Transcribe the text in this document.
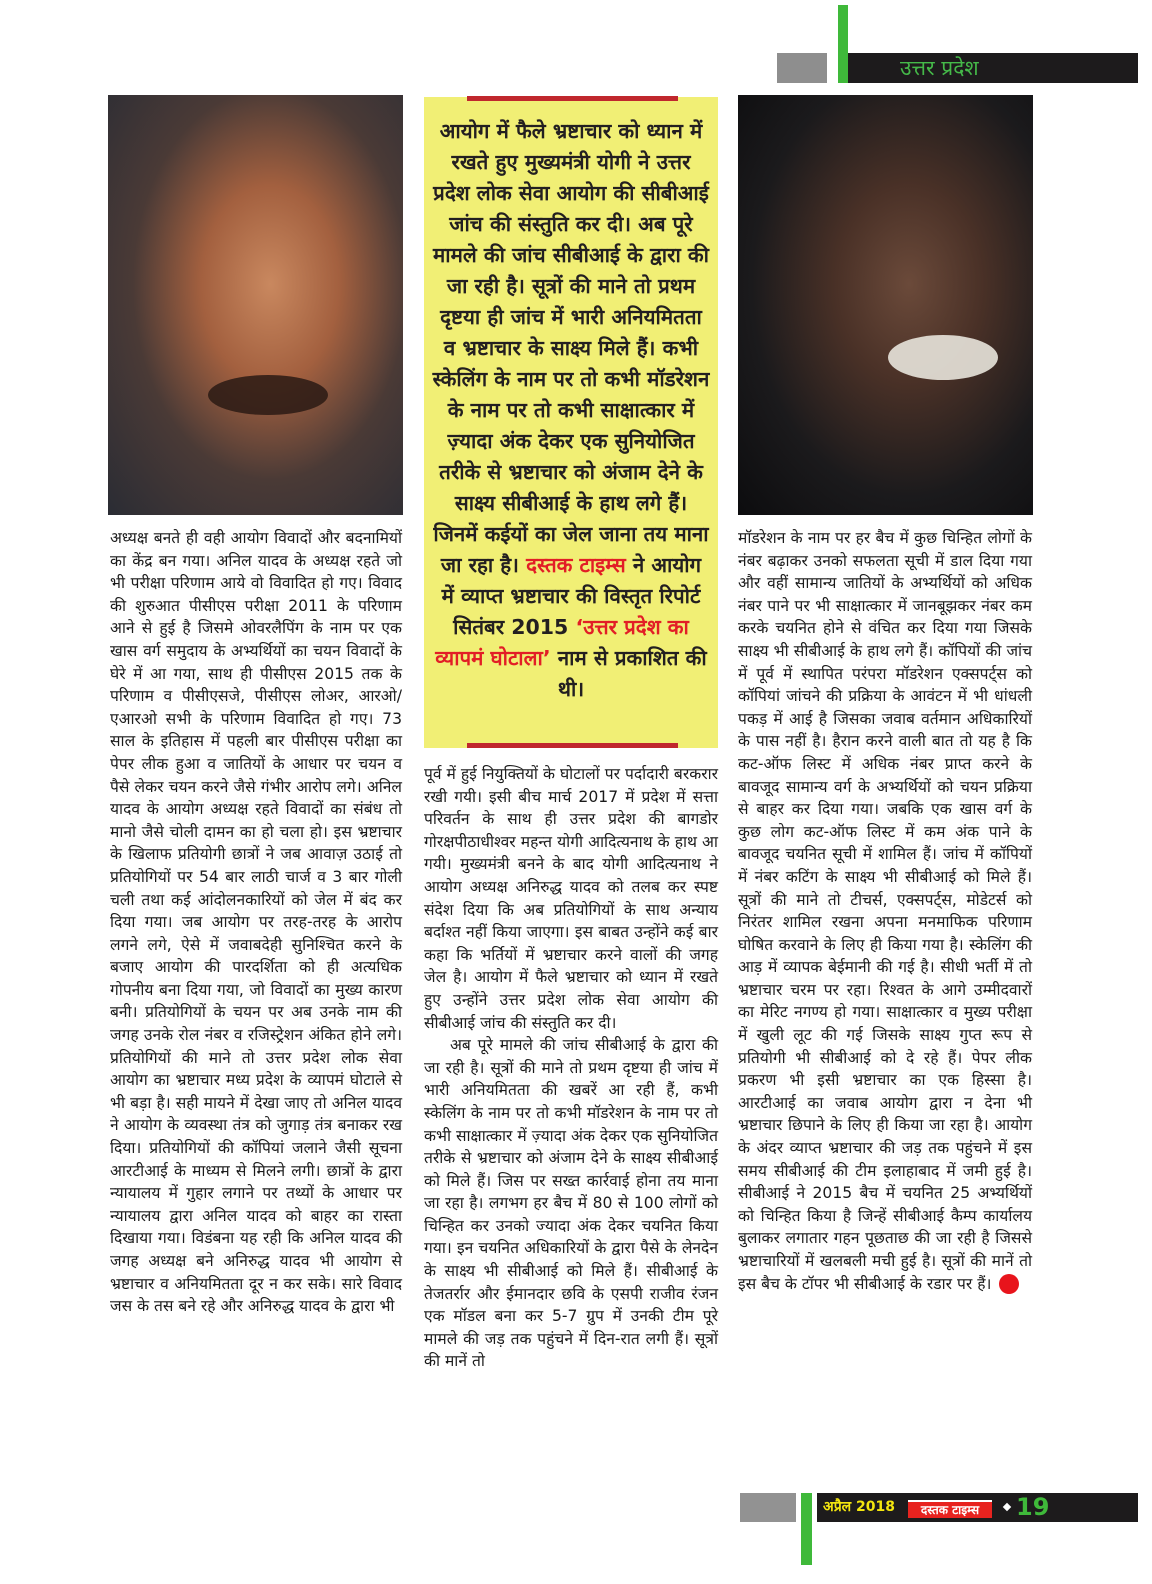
उत्तर प्रदेश
आयोग में फैले भ्रष्टाचार को ध्यान में रखते हुए मुख्यमंत्री योगी ने उत्तर प्रदेश लोक सेवा आयोग की सीबीआई जांच की संस्तुति कर दी। अब पूरे मामले की जांच सीबीआई के द्वारा की जा रही है। सूत्रों की माने तो प्रथम दृष्टया ही जांच में भारी अनियमितता व भ्रष्टाचार के साक्ष्य मिले हैं। कभी स्केलिंग के नाम पर तो कभी मॉडरेशन के नाम पर तो कभी साक्षात्कार में ज़्यादा अंक देकर एक सुनियोजित तरीके से भ्रष्टाचार को अंजाम देने के साक्ष्य सीबीआई के हाथ लगे हैं। जिनमें कईयों का जेल जाना तय माना जा रहा है। दस्तक टाइम्स ने आयोग में व्याप्त भ्रष्टाचार की विस्तृत रिपोर्ट सितंबर 2015 ‘उत्तर प्रदेश का व्यापमं घोटाला’ नाम से प्रकाशित की थी।

अध्यक्ष बनते ही वही आयोग विवादों और बदनामियों का केंद्र बन गया। अनिल यादव के अध्यक्ष रहते जो भी परीक्षा परिणाम आये वो विवादित हो गए। विवाद की शुरुआत पीसीएस परीक्षा 2011 के परिणाम आने से हुई है जिसमे ओवरलैपिंग के नाम पर एक खास वर्ग समुदाय के अभ्यर्थियों का चयन विवादों के घेरे में आ गया, साथ ही पीसीएस 2015 तक के परिणाम व पीसीएसजे, पीसीएस लोअर, आरओ/एआरओ सभी के परिणाम विवादित हो गए। 73 साल के इतिहास में पहली बार पीसीएस परीक्षा का पेपर लीक हुआ व जातियों के आधार पर चयन व पैसे लेकर चयन करने जैसे गंभीर आरोप लगे। अनिल यादव के आयोग अध्यक्ष रहते विवादों का संबंध तो मानो जैसे चोली दामन का हो चला हो। इस भ्रष्टाचार के खिलाफ प्रतियोगी छात्रों ने जब आवाज़ उठाई तो प्रतियोगियों पर 54 बार लाठी चार्ज व 3 बार गोली चली तथा कई आंदोलनकारियों को जेल में बंद कर दिया गया। जब आयोग पर तरह-तरह के आरोप लगने लगे, ऐसे में जवाबदेही सुनिश्चित करने के बजाए आयोग की पारदर्शिता को ही अत्यधिक गोपनीय बना दिया गया, जो विवादों का मुख्य कारण बनी। प्रतियोगियों के चयन पर अब उनके नाम की जगह उनके रोल नंबर व रजिस्ट्रेशन अंकित होने लगे। प्रतियोगियों की माने तो उत्तर प्रदेश लोक सेवा आयोग का भ्रष्टाचार मध्य प्रदेश के व्यापमं घोटाले से भी बड़ा है। सही मायने में देखा जाए तो अनिल यादव ने आयोग के व्यवस्था तंत्र को जुगाड़ तंत्र बनाकर रख दिया। प्रतियोगियों की कॉपियां जलाने जैसी सूचना आरटीआई के माध्यम से मिलने लगी। छात्रों के द्वारा न्यायालय में गुहार लगाने पर तथ्यों के आधार पर न्यायालय द्वारा अनिल यादव को बाहर का रास्ता दिखाया गया। विडंबना यह रही कि अनिल यादव की जगह अध्यक्ष बने अनिरुद्ध यादव भी आयोग से भ्रष्टाचार व अनियमितता दूर न कर सके। सारे विवाद जस के तस बने रहे और अनिरुद्ध यादव के द्वारा भी

पूर्व में हुई नियुक्तियों के घोटालों पर पर्दादारी बरकरार रखी गयी। इसी बीच मार्च 2017 में प्रदेश में सत्ता परिवर्तन के साथ ही उत्तर प्रदेश की बागडोर गोरक्षपीठाधीश्वर महन्त योगी आदित्यनाथ के हाथ आ गयी। मुख्यमंत्री बनने के बाद योगी आदित्यनाथ ने आयोग अध्यक्ष अनिरुद्ध यादव को तलब कर स्पष्ट संदेश दिया कि अब प्रतियोगियों के साथ अन्याय बर्दाश्त नहीं किया जाएगा। इस बाबत उन्होंने कई बार कहा कि भर्तियों में भ्रष्टाचार करने वालों की जगह जेल है। आयोग में फैले भ्रष्टाचार को ध्यान में रखते हुए उन्होंने उत्तर प्रदेश लोक सेवा आयोग की सीबीआई जांच की संस्तुति कर दी।

अब पूरे मामले की जांच सीबीआई के द्वारा की जा रही है। सूत्रों की माने तो प्रथम दृष्टया ही जांच में भारी अनियमितता की खबरें आ रही हैं, कभी स्केलिंग के नाम पर तो कभी मॉडरेशन के नाम पर तो कभी साक्षात्कार में ज़्यादा अंक देकर एक सुनियोजित तरीके से भ्रष्टाचार को अंजाम देने के साक्ष्य सीबीआई को मिले हैं। जिस पर सख्त कार्रवाई होना तय माना जा रहा है। लगभग हर बैच में 80 से 100 लोगों को चिन्हित कर उनको ज्यादा अंक देकर चयनित किया गया। इन चयनित अधिकारियों के द्वारा पैसे के लेनदेन के साक्ष्य भी सीबीआई को मिले हैं। सीबीआई के तेजतर्रार और ईमानदार छवि के एसपी राजीव रंजन एक मॉडल बना कर 5-7 ग्रुप में उनकी टीम पूरे मामले की जड़ तक पहुंचने में दिन-रात लगी हैं। सूत्रों की मानें तो

मॉडरेशन के नाम पर हर बैच में कुछ चिन्हित लोगों के नंबर बढ़ाकर उनको सफलता सूची में डाल दिया गया और वहीं सामान्य जातियों के अभ्यर्थियों को अधिक नंबर पाने पर भी साक्षात्कार में जानबूझकर नंबर कम करके चयनित होने से वंचित कर दिया गया जिसके साक्ष्य भी सीबीआई के हाथ लगे हैं। कॉपियों की जांच में पूर्व में स्थापित परंपरा मॉडरेशन एक्सपर्ट्स को कॉपियां जांचने की प्रक्रिया के आवंटन में भी धांधली पकड़ में आई है जिसका जवाब वर्तमान अधिकारियों के पास नहीं है। हैरान करने वाली बात तो यह है कि कट-ऑफ लिस्ट में अधिक नंबर प्राप्त करने के बावजूद सामान्य वर्ग के अभ्यर्थियों को चयन प्रक्रिया से बाहर कर दिया गया। जबकि एक खास वर्ग के कुछ लोग कट-ऑफ लिस्ट में कम अंक पाने के बावजूद चयनित सूची में शामिल हैं। जांच में कॉपियों में नंबर कटिंग के साक्ष्य भी सीबीआई को मिले हैं। सूत्रों की माने तो टीचर्स, एक्सपर्ट्स, मोडेटर्स को निरंतर शामिल रखना अपना मनमाफिक परिणाम घोषित करवाने के लिए ही किया गया है। स्केलिंग की आड़ में व्यापक बेईमानी की गई है। सीधी भर्ती में तो भ्रष्टाचार चरम पर रहा। रिश्वत के आगे उम्मीदवारों का मेरिट नगण्य हो गया। साक्षात्कार व मुख्य परीक्षा में खुली लूट की गई जिसके साक्ष्य गुप्त रूप से प्रतियोगी भी सीबीआई को दे रहे हैं। पेपर लीक प्रकरण भी इसी भ्रष्टाचार का एक हिस्सा है। आरटीआई का जवाब आयोग द्वारा न देना भी भ्रष्टाचार छिपाने के लिए ही किया जा रहा है। आयोग के अंदर व्याप्त भ्रष्टाचार की जड़ तक पहुंचने में इस समय सीबीआई की टीम इलाहाबाद में जमी हुई है। सीबीआई ने 2015 बैच में चयनित 25 अभ्यर्थियों को चिन्हित किया है जिन्हें सीबीआई कैम्प कार्यालय बुलाकर लगातार गहन पूछताछ की जा रही है जिससे भ्रष्टाचारियों में खलबली मची हुई है। सूत्रों की मानें तो इस बैच के टॉपर भी सीबीआई के रडार पर हैं।

अप्रैल 2018	दस्तक टाइम्स	19
